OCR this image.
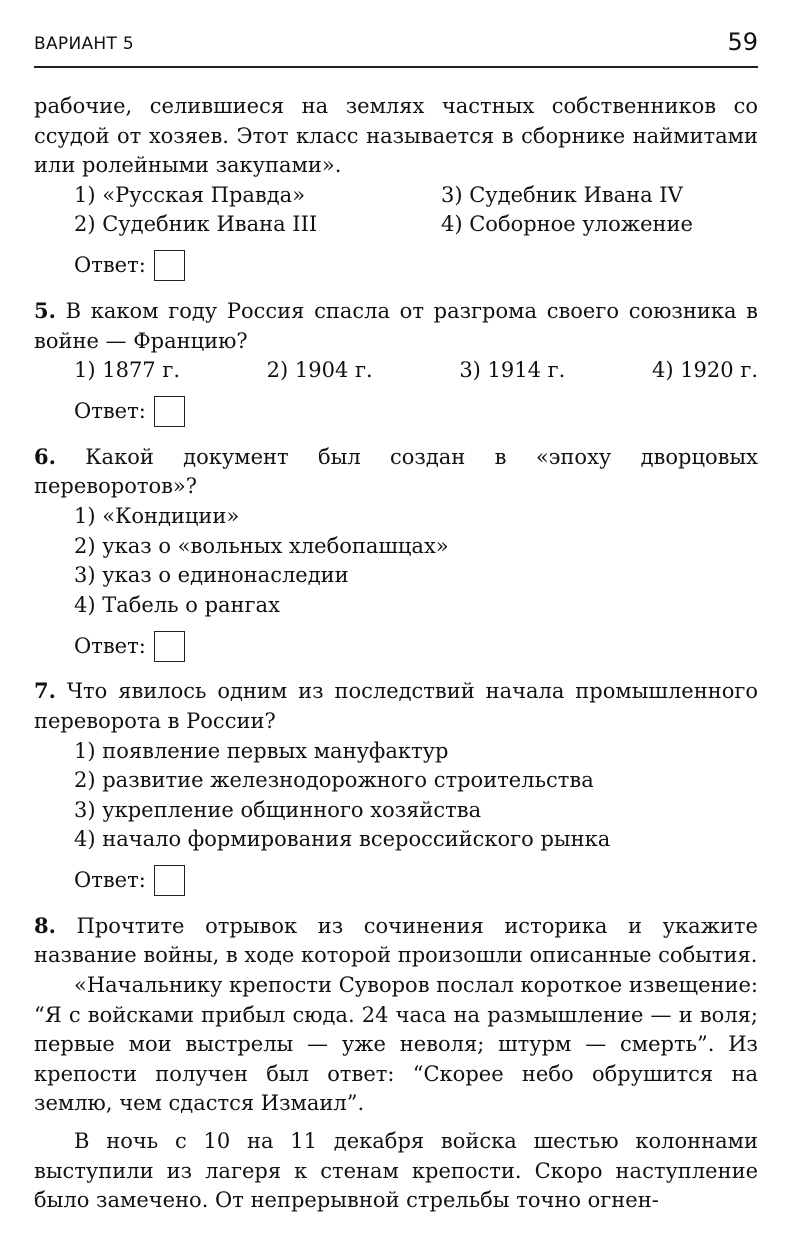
ВАРИАНТ 5	59

рабочие, селившиеся на землях частных собственников со ссудой от хозяев. Этот класс называется в сборнике наймитами или ролейными закупами».

1) «Русская Правда»	3) Судебник Ивана IV
2) Судебник Ивана III	4) Соборное уложение
Ответ:

5. В каком году Россия спасла от разгрома своего союзника в войне — Францию?

1) 1877 г.	2) 1904 г.	3) 1914 г.	4) 1920 г.
Ответ:

6. Какой документ был создан в «эпоху дворцовых переворотов»?

1) «Кондиции»
2) указ о «вольных хлебопашцах»
3) указ о единонаследии
4) Табель о рангах
Ответ:

7. Что явилось одним из последствий начала промышленного переворота в России?

1) появление первых мануфактур
2) развитие железнодорожного строительства
3) укрепление общинного хозяйства
4) начало формирования всероссийского рынка
Ответ:

8. Прочтите отрывок из сочинения историка и укажите название войны, в ходе которой произошли описанные события.

«Начальнику крепости Суворов послал короткое извещение: “Я с войсками прибыл сюда. 24 часа на размышление — и воля; первые мои выстрелы — уже неволя; штурм — смерть”. Из крепости получен был ответ: “Скорее небо обрушится на землю, чем сдастся Измаил”.

В ночь с 10 на 11 декабря войска шестью колоннами выступили из лагеря к стенам крепости. Скоро наступление было замечено. От непрерывной стрельбы точно огнен-
